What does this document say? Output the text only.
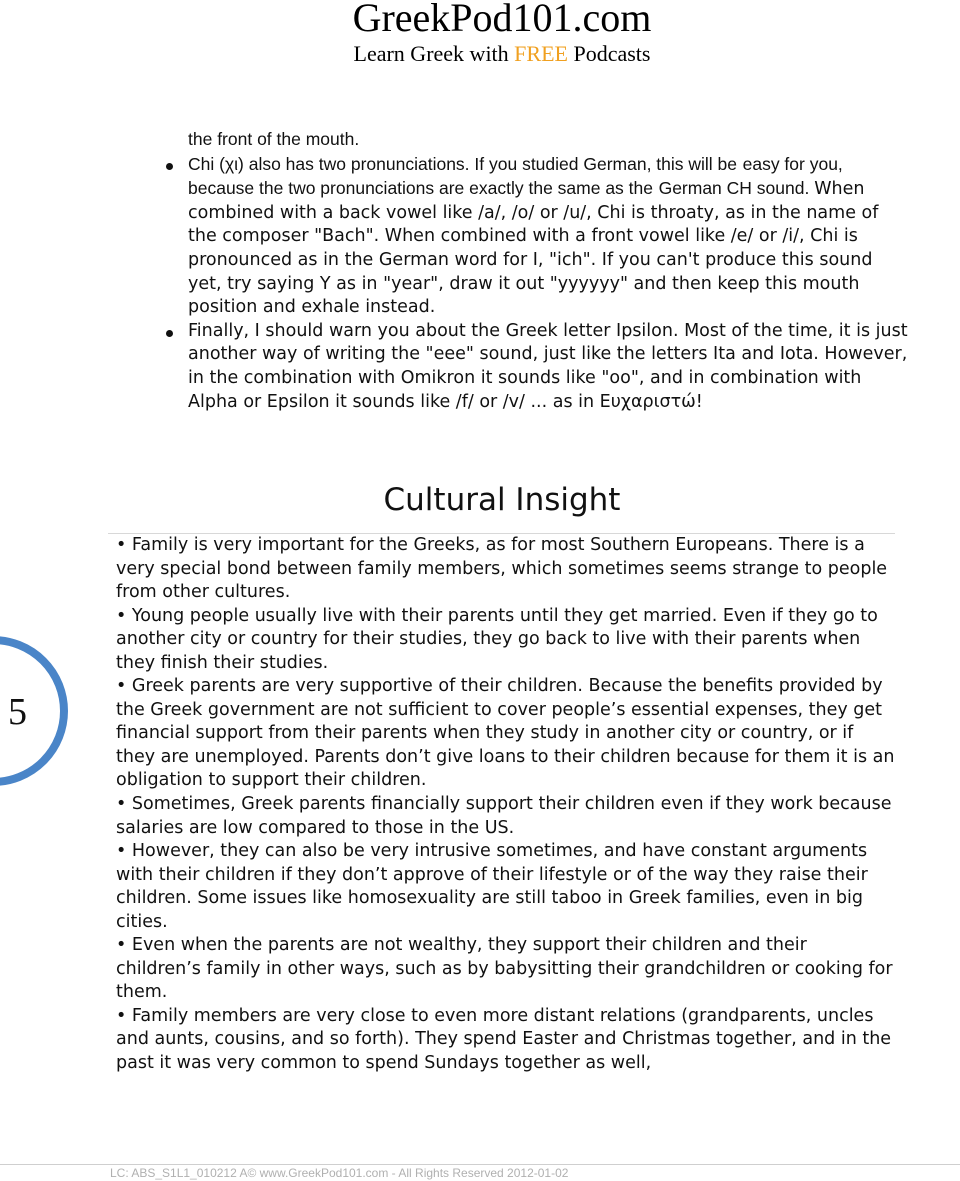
GreekPod101.com
Learn Greek with FREE Podcasts
the front of the mouth.
Chi (χι) also has two pronunciations. If you studied German, this will be easy for you, because the two pronunciations are exactly the same as the German CH sound. When combined with a back vowel like /a/, /o/ or /u/, Chi is throaty, as in the name of the composer "Bach". When combined with a front vowel like /e/ or /i/, Chi is pronounced as in the German word for I, "ich". If you can't produce this sound yet, try saying Y as in "year", draw it out "yyyyyy" and then keep this mouth position and exhale instead.
Finally, I should warn you about the Greek letter Ipsilon. Most of the time, it is just another way of writing the "eee" sound, just like the letters Ita and Iota. However, in the combination with Omikron it sounds like "oo", and in combination with Alpha or Epsilon it sounds like /f/ or /v/ ... as in Ευχαριστώ!
Cultural Insight

• Family is very important for the Greeks, as for most Southern Europeans. There is a very special bond between family members, which sometimes seems strange to people from other cultures.

• Young people usually live with their parents until they get married. Even if they go to another city or country for their studies, they go back to live with their parents when they finish their studies.

• Greek parents are very supportive of their children. Because the benefits provided by the Greek government are not sufficient to cover people’s essential expenses, they get financial support from their parents when they study in another city or country, or if they are unemployed. Parents don’t give loans to their children because for them it is an obligation to support their children.

• Sometimes, Greek parents financially support their children even if they work because salaries are low compared to those in the US.

• However, they can also be very intrusive sometimes, and have constant arguments with their children if they don’t approve of their lifestyle or of the way they raise their children. Some issues like homosexuality are still taboo in Greek families, even in big cities.

• Even when the parents are not wealthy, they support their children and their children’s family in other ways, such as by babysitting their grandchildren or cooking for them.

• Family members are very close to even more distant relations (grandparents, uncles and aunts, cousins, and so forth). They spend Easter and Christmas together, and in the past it was very common to spend Sundays together as well,

5
LC: ABS_S1L1_010212 A© www.GreekPod101.com - All Rights Reserved 2012-01-02
